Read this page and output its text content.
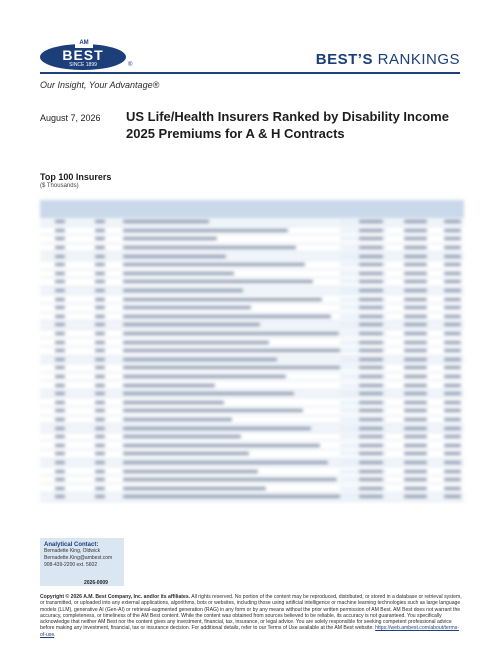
AM
BEST
SINCE 1899	®	BEST’S RANKINGS
Our Insight, Your Advantage®
August 7, 2026 US Life/Health Insurers Ranked by Disability Income
2025 Premiums for A & H Contracts
Top 100 Insurers
($ Thousands)
Analytical Contact:
Bernadette King, Oldwick
Bernadette.King@ambest.com
908-439-2200 ext. 5602
2026-0009
Copyright © 2026 A.M. Best Company, Inc. and/or its affiliates. All rights reserved. No portion of the content may be reproduced, distributed, or stored in a database or retrieval system, or transmitted, or uploaded into any external applications, algorithms, bots or websites, including those using artificial intelligence or machine learning technologies such as large language models (LLM), generative AI (Gen-AI) or retrieval-augmented generation (RAG) in any form or by any means without the prior written permission of AM Best. AM Best does not warrant the accuracy, completeness, or timeliness of the AM Best content. While the content was obtained from sources believed to be reliable, its accuracy is not guaranteed. You specifically acknowledge that neither AM Best nor the content gives any investment, financial, tax, insurance, or legal advice. You are solely responsible for seeking competent professional advice before making any investment, financial, tax or insurance decision. For additional details, refer to our Terms of Use available at the AM Best website: https://web.ambest.com/about/terms-of-use.
